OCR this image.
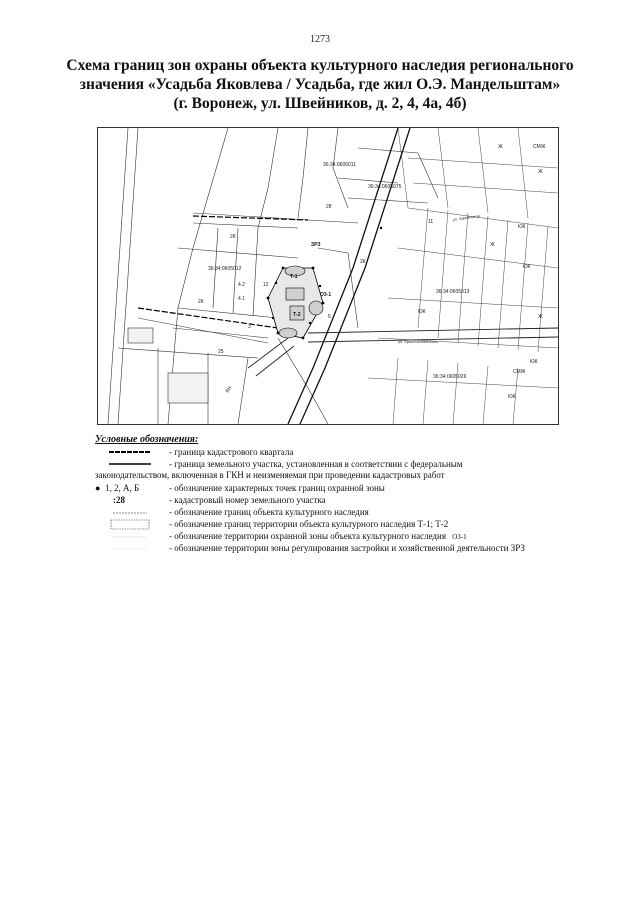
1273
Схема границ зон охраны объекта культурного наследия регионального
значения «Усадьба Яковлева / Усадьба, где жил О.Э. Мандельштам»
(г. Воронеж, ул. Швейников, д. 2, 4, 4а, 4б)
36:34:0605011
36:34:0605075
36:34:0605012
36:34:0605013
36:34:0605026
ЗРЗ
О3-1
Т-1
Т-2
ул. Швейников
ул. Краснознаменная
2К
2К
2К
Ж
Ж
Ж
Ж
КЖ
КЖ
КЖ
КЖ
КЖ
СМЖ
СМЖ
КН
25
28
12
11
4.1
4.2
3
5
Условные обозначения:
- граница кадастрового квартала
- граница земельного участка, установленная в соответствии с федеральным
законодательством, включенная в ГКН и неизменяемая при проведении кадастровых работ
● 1, 2, А, Б	- обозначение характерных точек границ охранной зоны
:28	- кадастровый номер земельного участка
- обозначение границ объекта культурного наследия
- обозначение границ территории объекта культурного наследия Т-1; Т-2
- обозначение территории охранной зоны объекта культурного наследия О3-1
- обозначение территории зоны регулирования застройки и хозяйственной деятельности ЗРЗ
